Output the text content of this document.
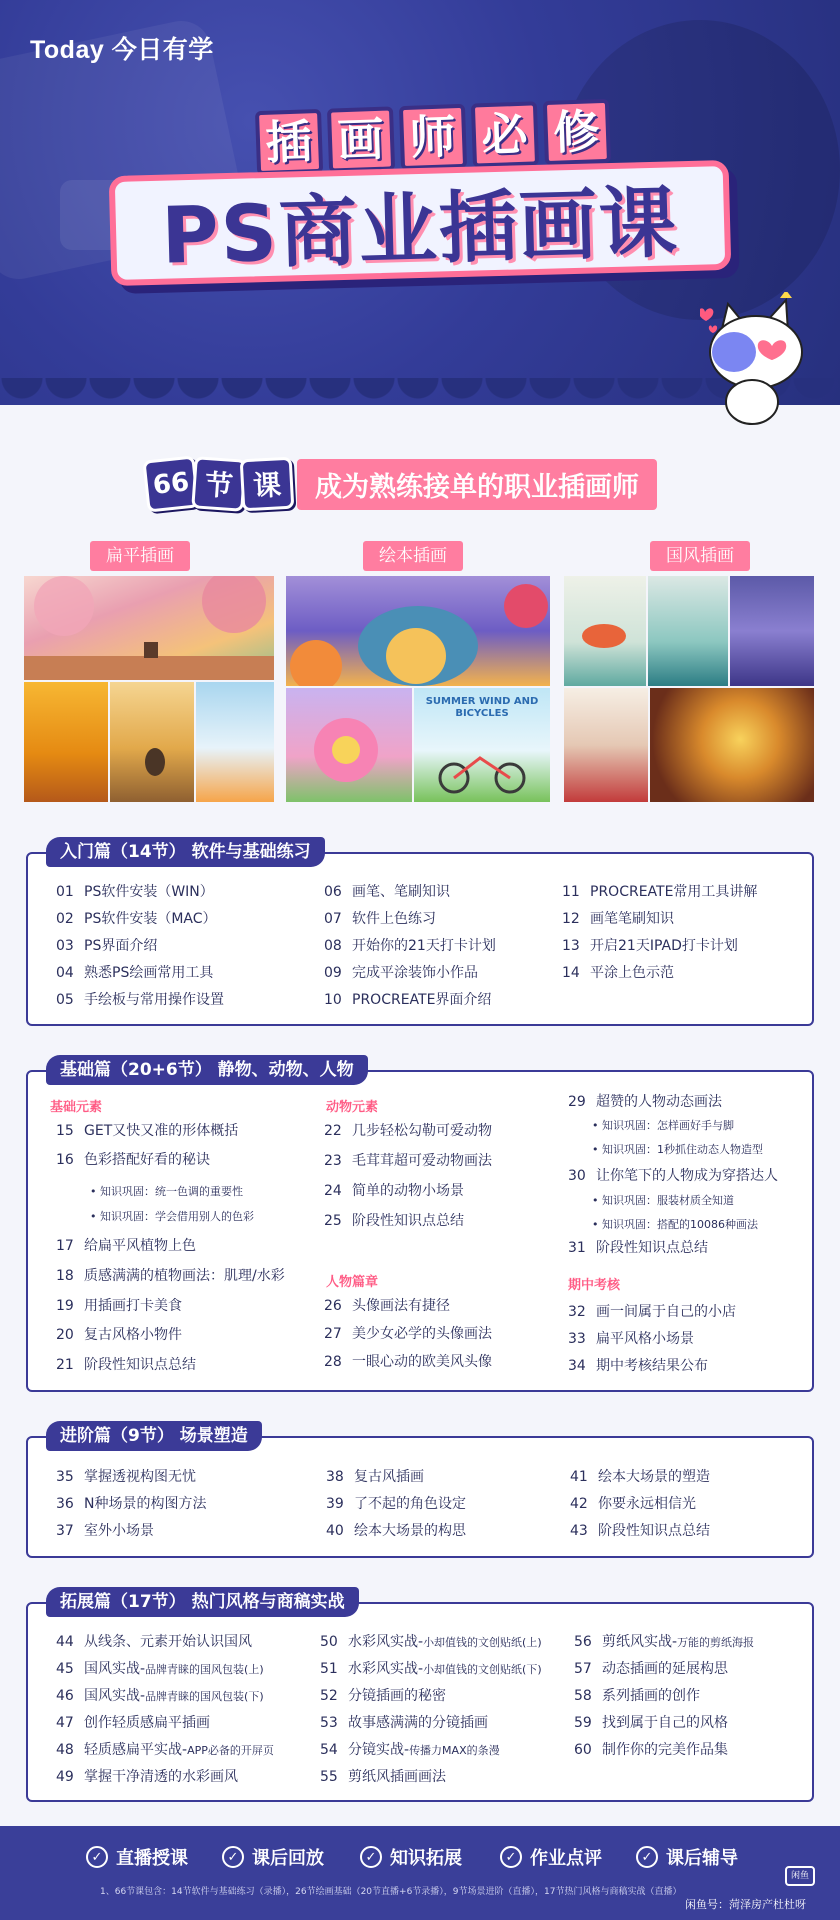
Today 今日有学
插 画 师 必 修
PS商业插画课
66 节 课	成为熟练接单的职业插画师
扁平插画	绘本插画	国风插画
SUMMER WIND AND BICYCLES
入门篇（14节） 软件与基础练习
01 PS软件安装（WIN）
02 PS软件安装（MAC）
03 PS界面介绍
04 熟悉PS绘画常用工具
05 手绘板与常用操作设置
06 画笔、笔刷知识
07 软件上色练习
08 开始你的21天打卡计划
09 完成平涂装饰小作品
10 PROCREATE界面介绍
11 PROCREATE常用工具讲解
12 画笔笔刷知识
13 开启21天IPAD打卡计划
14 平涂上色示范
基础篇（20+6节） 静物、动物、人物
基础元素
15 GET又快又准的形体概括
16 色彩搭配好看的秘诀
• 知识巩固：统一色调的重要性
• 知识巩固：学会借用别人的色彩
17 给扁平风植物上色
18 质感满满的植物画法：肌理/水彩
19 用插画打卡美食
20 复古风格小物件
21 阶段性知识点总结
动物元素
22 几步轻松勾勒可爱动物
23 毛茸茸超可爱动物画法
24 简单的动物小场景
25 阶段性知识点总结
人物篇章
26 头像画法有捷径
27 美少女必学的头像画法
28 一眼心动的欧美风头像
29 超赞的人物动态画法
• 知识巩固：怎样画好手与脚
• 知识巩固：1秒抓住动态人物造型
30 让你笔下的人物成为穿搭达人
• 知识巩固：服装材质全知道
• 知识巩固：搭配的10086种画法
31 阶段性知识点总结
期中考核
32 画一间属于自己的小店
33 扁平风格小场景
34 期中考核结果公布
进阶篇（9节） 场景塑造
35 掌握透视构图无忧
36 N种场景的构图方法
37 室外小场景
38 复古风插画
39 了不起的角色设定
40 绘本大场景的构思
41 绘本大场景的塑造
42 你要永远相信光
43 阶段性知识点总结
拓展篇（17节） 热门风格与商稿实战
44 从线条、元素开始认识国风
45 国风实战-品牌青睐的国风包装(上)
46 国风实战-品牌青睐的国风包装(下)
47 创作轻质感扁平插画
48 轻质感扁平实战-APP必备的开屏页
49 掌握干净清透的水彩画风
50 水彩风实战-小却值钱的文创贴纸(上)
51 水彩风实战-小却值钱的文创贴纸(下)
52 分镜插画的秘密
53 故事感满满的分镜插画
54 分镜实战-传播力MAX的条漫
55 剪纸风插画画法
56 剪纸风实战-万能的剪纸海报
57 动态插画的延展构思
58 系列插画的创作
59 找到属于自己的风格
60 制作你的完美作品集
✓ 直播授课	✓ 课后回放	✓ 知识拓展	✓ 作业点评	✓ 课后辅导
1、66节课包含：14节软件与基础练习（录播），26节绘画基础（20节直播+6节录播），9节场景进阶（直播），17节热门风格与商稿实战（直播）
闲鱼
闲鱼号：菏泽房产杜杜呀
